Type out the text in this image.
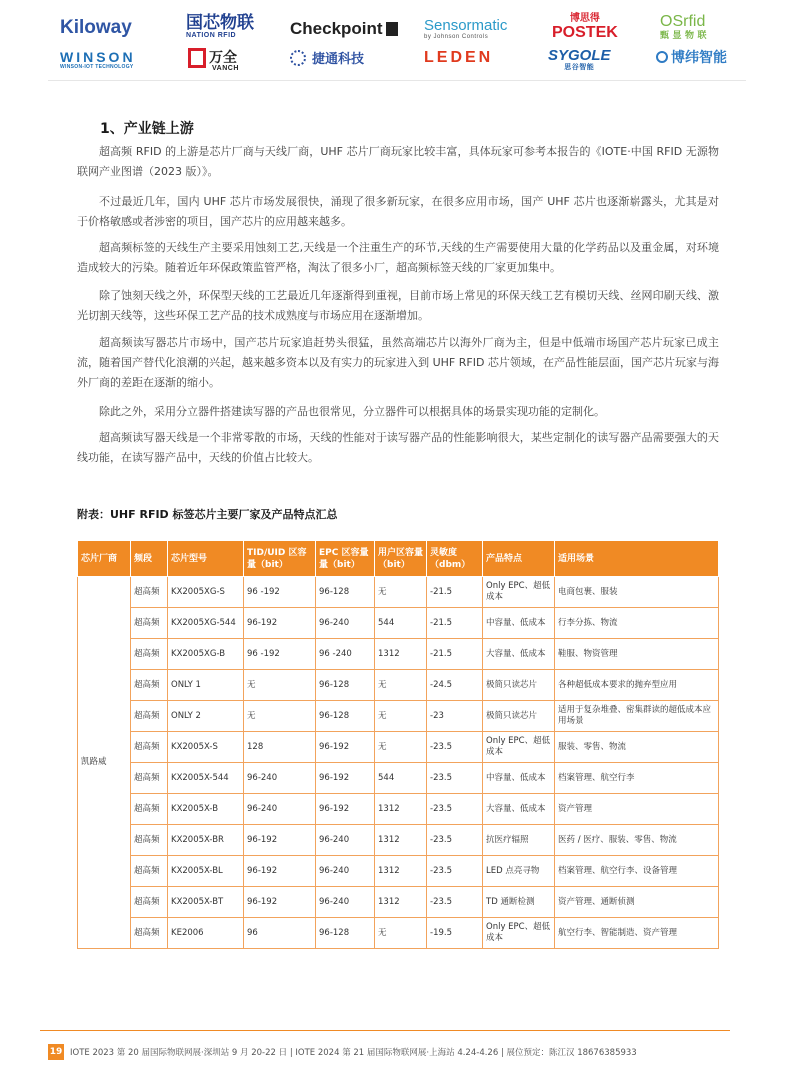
Kiloway	国芯物联
NATION RFID	Checkpoint	Sensormatic
by Johnson Controls
博思得
POSTEK
OSrfid
甄 显 物 联
WINSON
WINSON-IOT TECHNOLOGY
万全
VANCH
捷通科技	LEDEN	SYGOLE
思谷智能
博纬智能
1、产业链上游

超高频 RFID 的上游是芯片厂商与天线厂商，UHF 芯片厂商玩家比较丰富，具体玩家可参考本报告的《IOTE·中国 RFID 无源物联网产业图谱（2023 版）》。

不过最近几年，国内 UHF 芯片市场发展很快，涌现了很多新玩家，在很多应用市场，国产 UHF 芯片也逐渐崭露头，尤其是对于价格敏感或者涉密的项目，国产芯片的应用越来越多。

超高频标签的天线生产主要采用蚀刻工艺,天线是一个注重生产的环节,天线的生产需要使用大量的化学药品以及重金属，对环境造成较大的污染。随着近年环保政策监管严格，淘汰了很多小厂，超高频标签天线的厂家更加集中。

除了蚀刻天线之外，环保型天线的工艺最近几年逐渐得到重视，目前市场上常见的环保天线工艺有模切天线、丝网印刷天线、激光切割天线等，这些环保工艺产品的技术成熟度与市场应用在逐渐增加。

超高频读写器芯片市场中，国产芯片玩家追赶势头很猛，虽然高端芯片以海外厂商为主，但是中低端市场国产芯片玩家已成主流，随着国产替代化浪潮的兴起，越来越多资本以及有实力的玩家进入到 UHF RFID 芯片领域，在产品性能层面，国产芯片玩家与海外厂商的差距在逐渐的缩小。

除此之外，采用分立器件搭建读写器的产品也很常见，分立器件可以根据具体的场景实现功能的定制化。

超高频读写器天线是一个非常零散的市场，天线的性能对于读写器产品的性能影响很大，某些定制化的读写器产品需要强大的天线功能，在读写器产品中，天线的价值占比较大。

附表：UHF RFID 标签芯片主要厂家及产品特点汇总
芯片厂商	频段	芯片型号	TID/UID 区容量（bit）	EPC 区容量量（bit）	用户区容量（bit）	灵敏度（dbm）	产品特点	适用场景
凯路威	超高频	KX2005XG-S	96 -192	96-128	无	-21.5	Only EPC、超低成本	电商包裹、服装
	超高频	KX2005XG-544	96-192	96-240	544	-21.5	中容量、低成本	行李分拣、物流
	超高频	KX2005XG-B	96 -192	96 -240	1312	-21.5	大容量、低成本	鞋服、物资管理
	超高频	ONLY 1	无	96-128	无	-24.5	极简只读芯片	各种超低成本要求的抛弃型应用
	超高频	ONLY 2	无	96-128	无	-23	极简只读芯片	适用于复杂堆叠、密集群读的超低成本应用场景
	超高频	KX2005X-S	128	96-192	无	-23.5	Only EPC、超低成本	服装、零售、物流
	超高频	KX2005X-544	96-240	96-192	544	-23.5	中容量、低成本	档案管理、航空行李
	超高频	KX2005X-B	96-240	96-192	1312	-23.5	大容量、低成本	资产管理
	超高频	KX2005X-BR	96-192	96-240	1312	-23.5	抗医疗辐照	医药 / 医疗、服装、零售、物流
	超高频	KX2005X-BL	96-192	96-240	1312	-23.5	LED 点亮寻物	档案管理、航空行李、设备管理
	超高频	KX2005X-BT	96-192	96-240	1312	-23.5	TD 通断检测	资产管理、通断侦测
	超高频	KE2006	96	96-128	无	-19.5	Only EPC、超低成本	航空行李、智能制造、资产管理
19 IOTE 2023 第 20 届国际物联网展·深圳站 9 月 20-22 日 | IOTE 2024 第 21 届国际物联网展·上海站 4.24-4.26 | 展位预定：陈江汉 18676385933
